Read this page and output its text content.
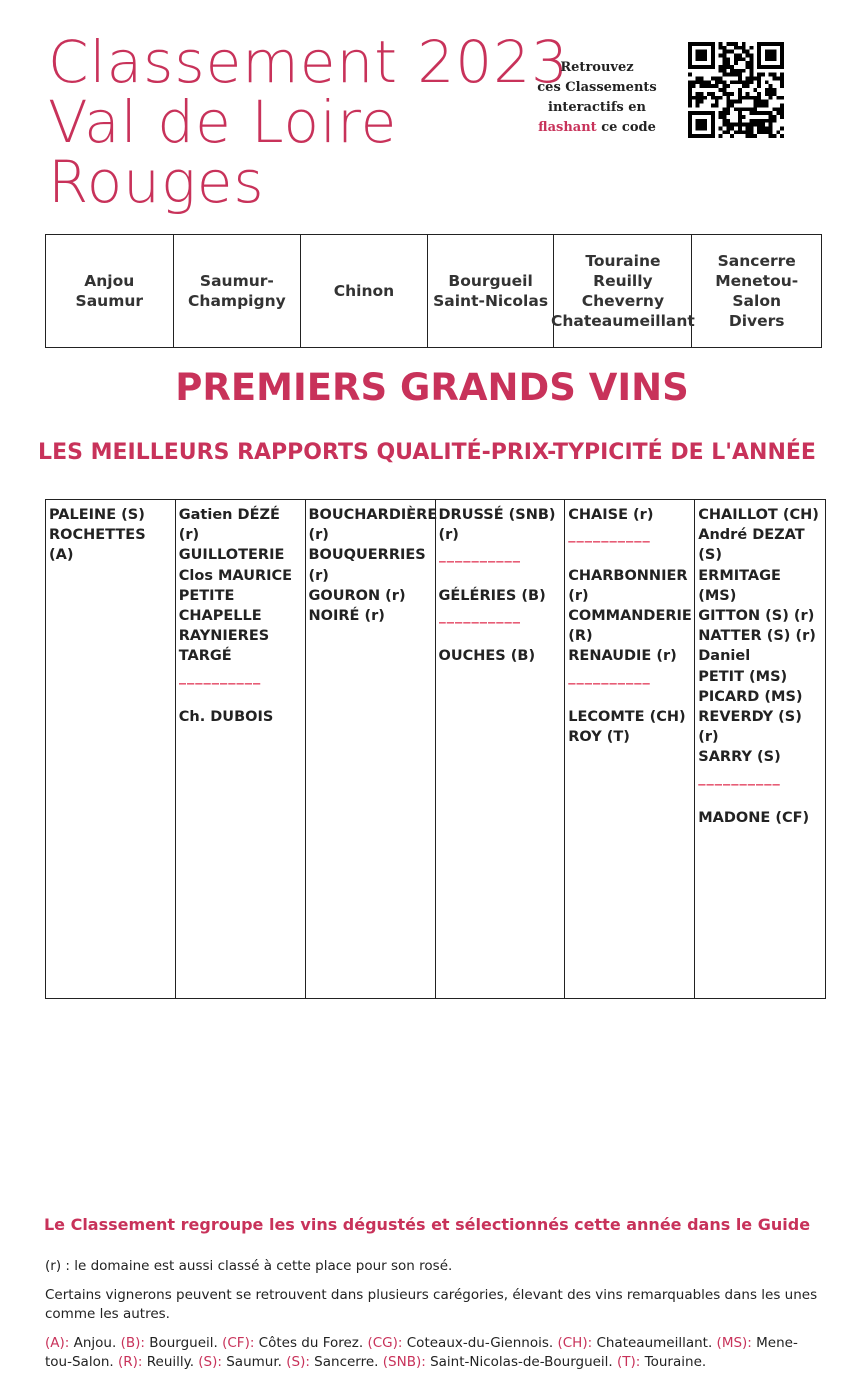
Classement 2023
Val de Loire
Rouges
Retrouvez
ces Classements
interactifs en
flashant ce code
Anjou
Saumur
Saumur-
Champigny
Chinon
Bourgueil
Saint-Nicolas
Touraine
Reuilly
Cheverny
Chateaumeillant
Sancerre
Menetou-Salon
Divers
PREMIERS GRANDS VINS
LES MEILLEURS RAPPORTS QUALITÉ-PRIX-TYPICITÉ DE L'ANNÉE
PALEINE (S)
ROCHETTES (A)
Gatien DÉZÉ (r)
GUILLOTERIE
Clos MAURICE
PETITE CHAPELLE
RAYNIERES
TARGÉ
__________
Ch. DUBOIS
BOUCHARDIÈRE (r)
BOUQUERRIES (r)
GOURON (r)
NOIRÉ (r)
DRUSSÉ (SNB) (r)
__________
GÉLÉRIES (B)
__________
OUCHES (B)
CHAISE (r)
__________
CHARBONNIER (r)
COMMANDERIE (R)
RENAUDIE (r)
__________
LECOMTE (CH)
ROY (T)
CHAILLOT (CH)
André DEZAT (S)
ERMITAGE (MS)
GITTON (S) (r)
NATTER (S) (r)
Daniel
PETIT (MS)
PICARD (MS)
REVERDY (S) (r)
SARRY (S)
__________
MADONE (CF)
Le Classement regroupe les vins dégustés et sélectionnés cette année dans le Guide
(r) : le domaine est aussi classé à cette place pour son rosé.
Certains vignerons peuvent se retrouvent dans plusieurs carégories, élevant des vins remarquables dans les unes comme les autres.
(A): Anjou. (B): Bourgueil. (CF): Côtes du Forez. (CG): Coteaux-du-Giennois. (CH): Chateaumeillant. (MS): Mene-tou-Salon. (R): Reuilly. (S): Saumur. (S): Sancerre. (SNB): Saint-Nicolas-de-Bourgueil. (T): Touraine.
